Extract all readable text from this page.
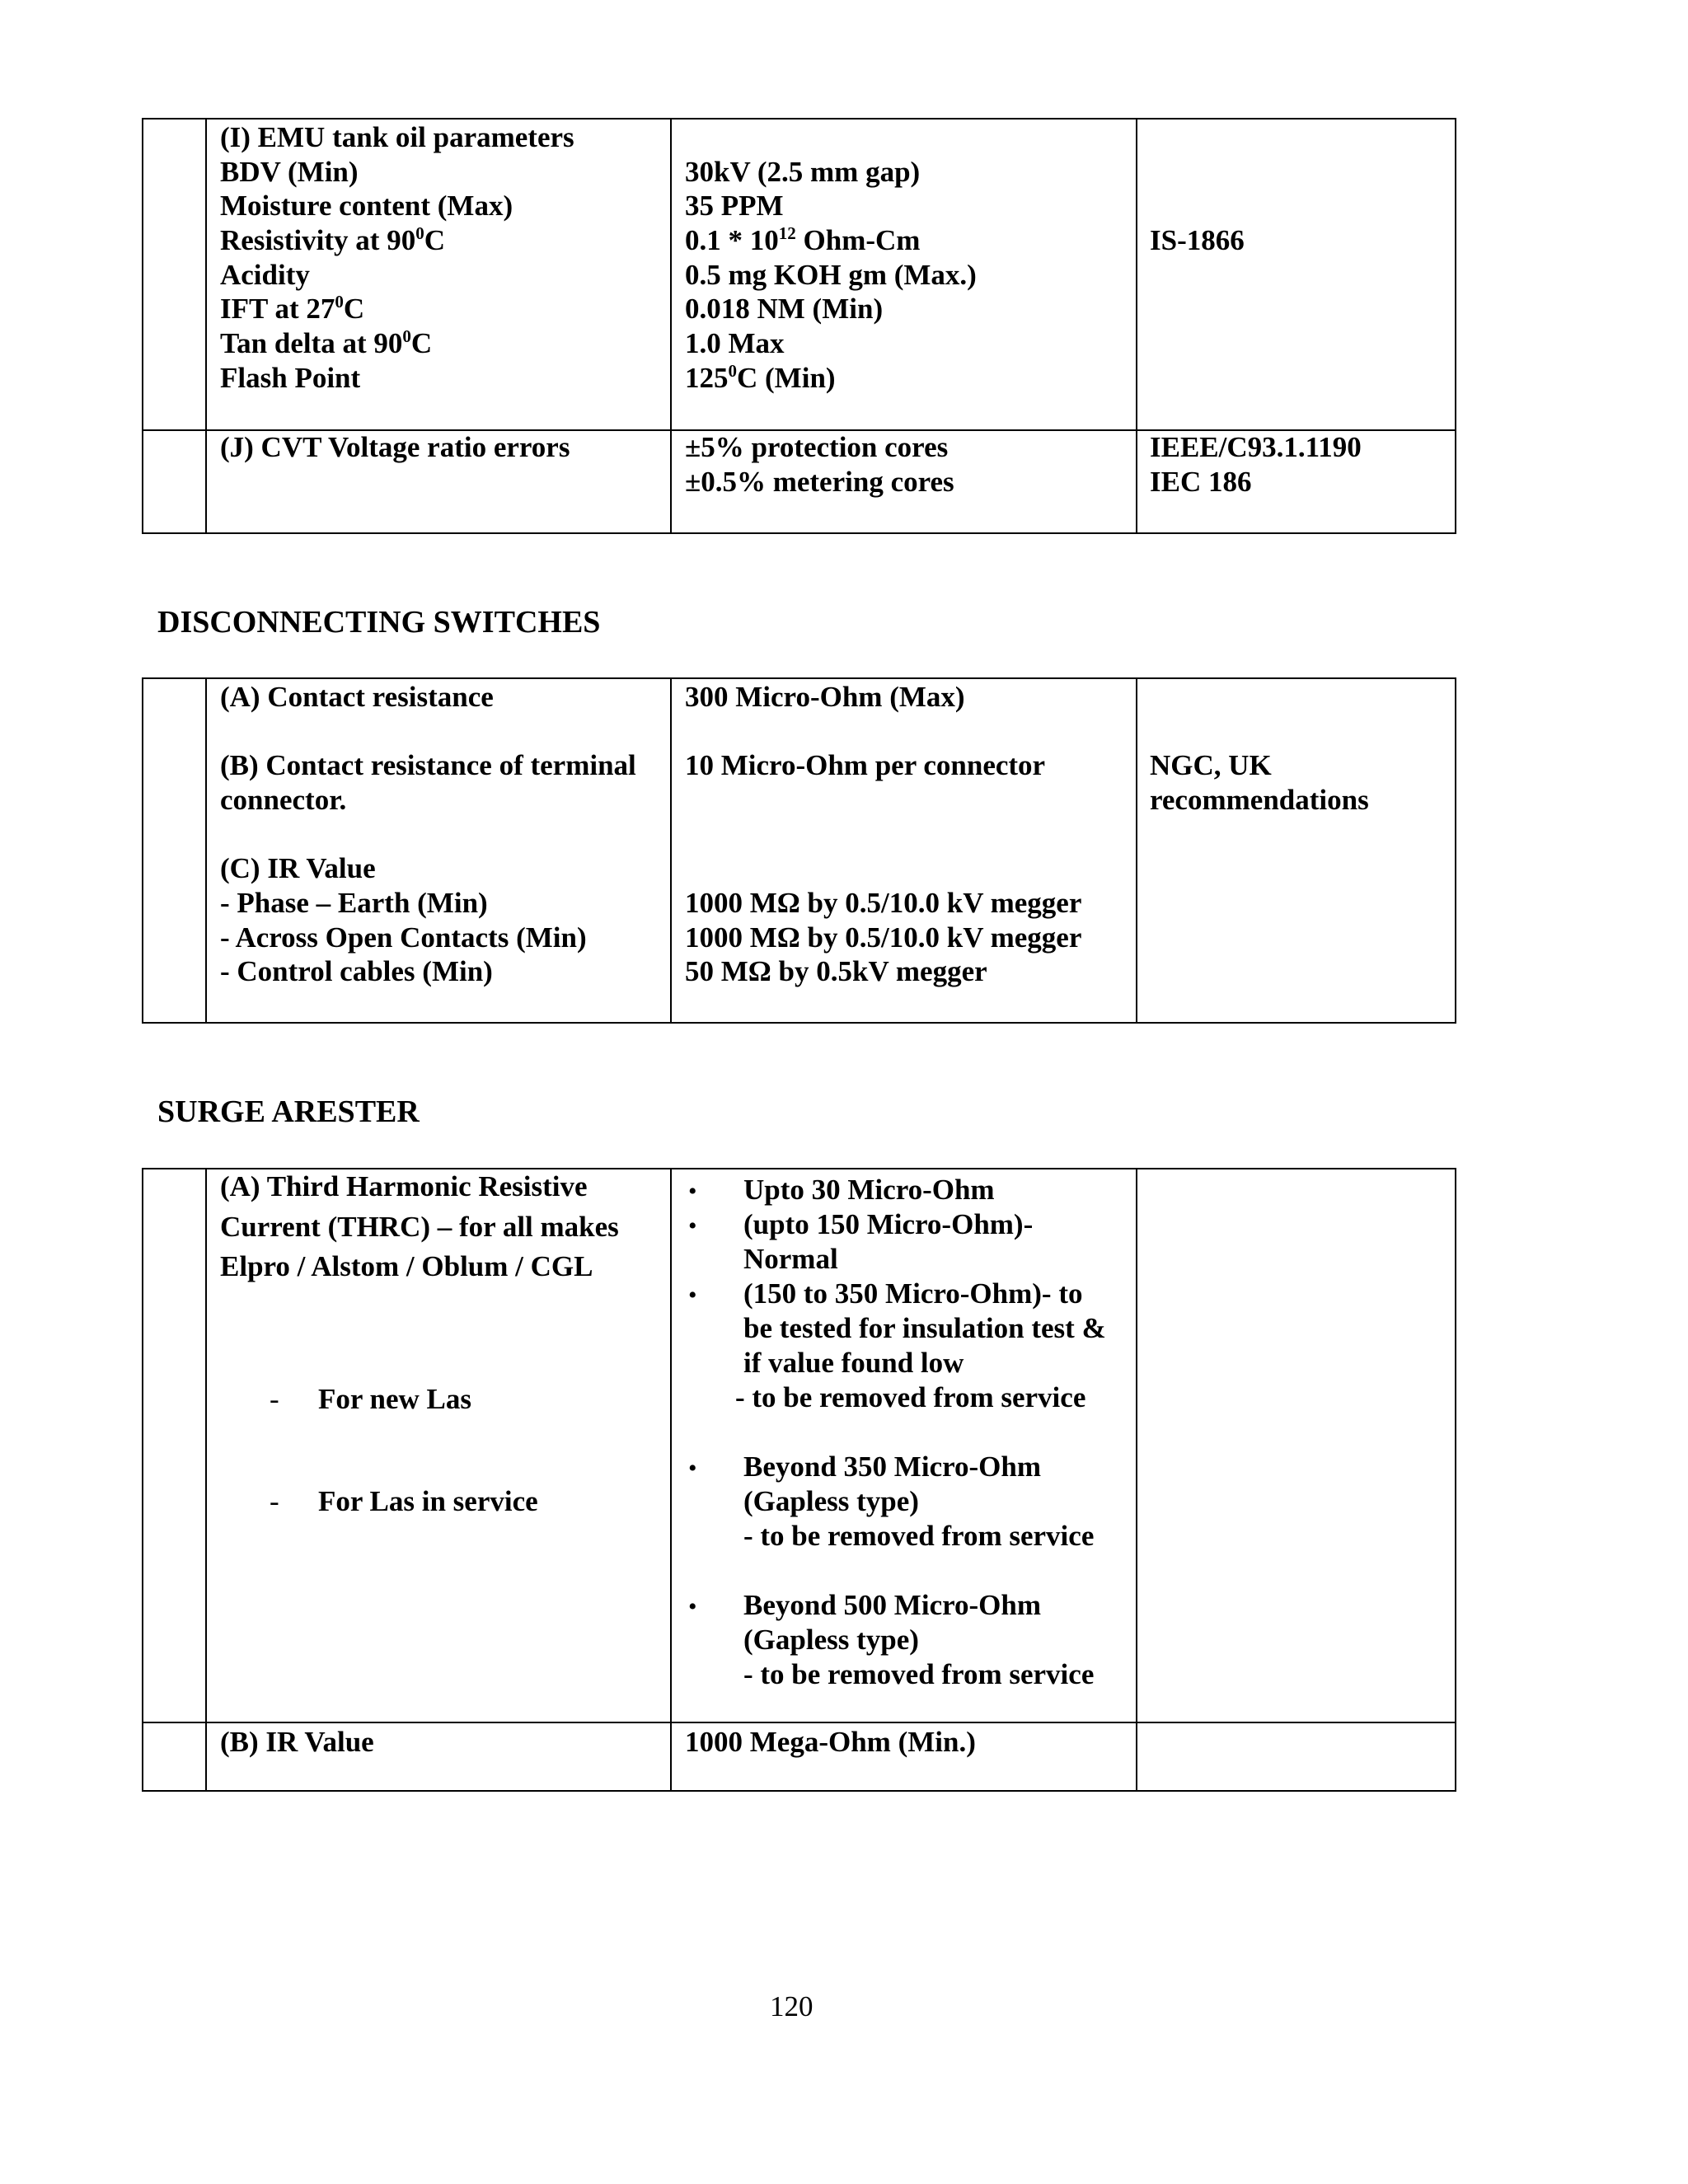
(I) EMU tank oil parameters
BDV (Min)
Moisture content (Max)
Resistivity at $90^0C$
Acidity
IFT at $27^0C$
Tan delta at $90^0C$
Flash Point
30kV (2.5 mm gap)
35 PPM
$0.1 * 10^{12}$ Ohm-Cm
0.5 mg KOH gm (Max.)
0.018 NM (Min)
1.0 Max
$125^0C$ (Min)
IS-1866
(J) CVT Voltage ratio errors	±5% protection cores
±0.5% metering cores
IEEE/C93.1.1190
IEC 186
DISCONNECTING SWITCHES
(A) Contact resistance
(B) Contact resistance of terminal
connector.
(C) IR Value
- Phase – Earth (Min)
- Across Open Contacts (Min)
- Control cables (Min)
300 Micro-Ohm (Max)
10 Micro-Ohm per connector
1000 MΩ by 0.5/10.0 kV megger
1000 MΩ by 0.5/10.0 kV megger
50 MΩ by 0.5kV megger
NGC, UK
recommendations
SURGE ARESTER
(A) Third Harmonic Resistive
Current (THRC) – for all makes
Elpro / Alstom / Oblum / CGL
- For new Las
- For Las in service
• Upto 30 Micro-Ohm
• (upto 150 Micro-Ohm)-
Normal
• (150 to 350 Micro-Ohm)- to
be tested for insulation test &
if value found low
- to be removed from service
• Beyond 350 Micro-Ohm
(Gapless type)
- to be removed from service
• Beyond 500 Micro-Ohm
(Gapless type)
- to be removed from service
(B) IR Value	1000 Mega-Ohm (Min.)
120
